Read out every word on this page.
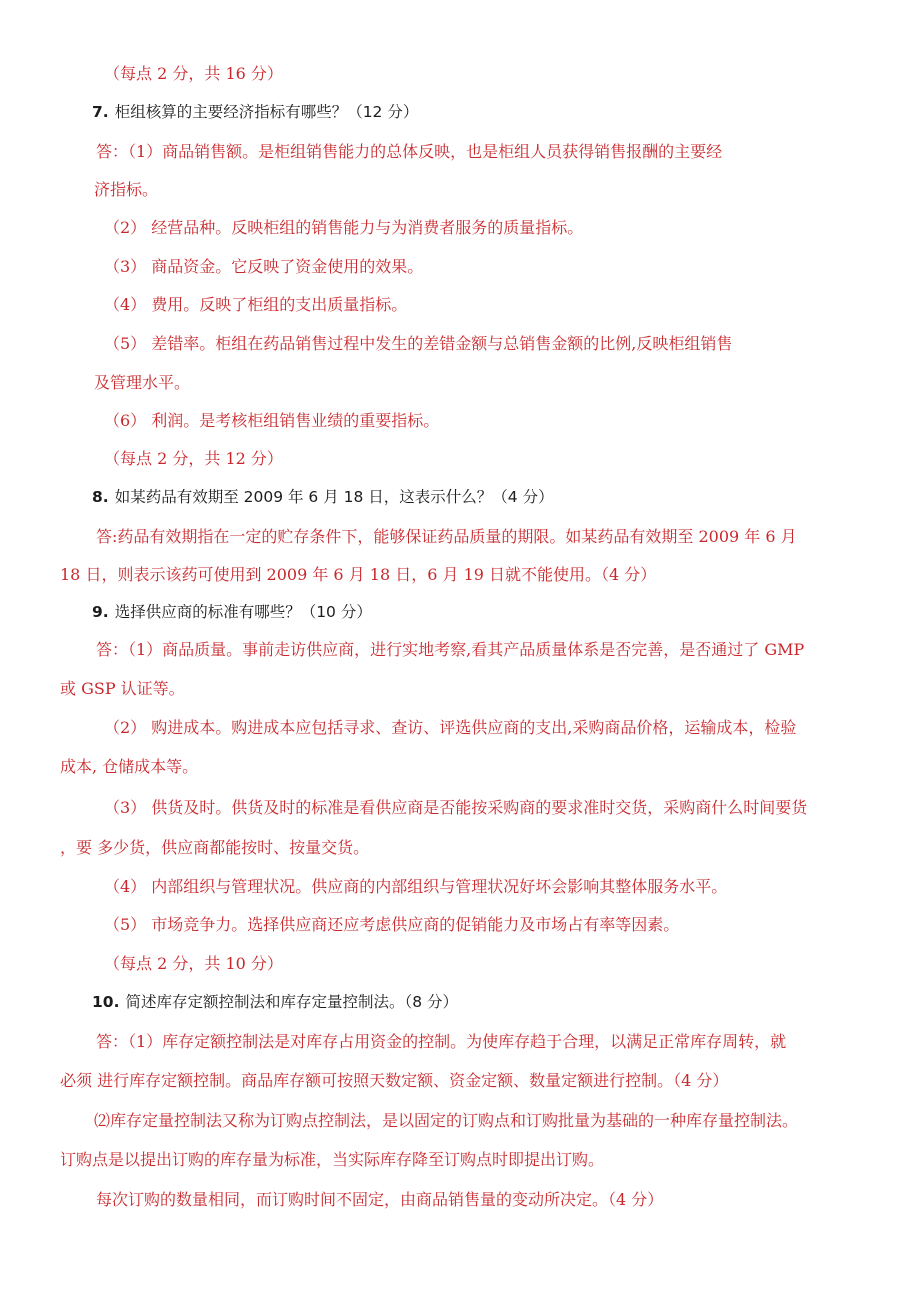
（每点 2 分，共 16 分）

7. 柜组核算的主要经济指标有哪些？（12 分）

答：（1）商品销售额。是柜组销售能力的总体反映，也是柜组人员获得销售报酬的主要经

济指标。

（2） 经营品种。反映柜组的销售能力与为消费者服务的质量指标。

（3） 商品资金。它反映了资金使用的效果。

（4） 费用。反映了柜组的支出质量指标。

（5） 差错率。柜组在药品销售过程中发生的差错金额与总销售金额的比例,反映柜组销售

及管理水平。

（6） 利润。是考核柜组销售业绩的重要指标。

（每点 2 分，共 12 分）

8. 如某药品有效期至 2009 年 6 月 18 日，这表示什么？（4 分）

答:药品有效期指在一定的贮存条件下，能够保证药品质量的期限。如某药品有效期至 2009 年 6 月

18 日，则表示该药可使用到 2009 年 6 月 18 日，6 月 19 日就不能使用。（4 分）

9. 选择供应商的标准有哪些？（10 分）

答：（1）商品质量。事前走访供应商，进行实地考察,看其产品质量体系是否完善，是否通过了 GMP

或 GSP 认证等。

（2） 购进成本。购进成本应包括寻求、查访、评选供应商的支出,采购商品价格，运输成本，检验

成本, 仓储成本等。

（3） 供货及时。供货及时的标准是看供应商是否能按采购商的要求准时交货，采购商什么时间要货

，要 多少货，供应商都能按时、按量交货。

（4） 内部组织与管理状况。供应商的内部组织与管理状况好坏会影响其整体服务水平。

（5） 市场竞争力。选择供应商还应考虑供应商的促销能力及市场占有率等因素。

（每点 2 分，共 10 分）

10. 简述库存定额控制法和库存定量控制法。（8 分）

答：（1）库存定额控制法是对库存占用资金的控制。为使库存趋于合理，以满足正常库存周转，就

必须 进行库存定额控制。商品库存额可按照天数定额、资金定额、数量定额进行控制。（4 分）

⑵库存定量控制法又称为订购点控制法，是以固定的订购点和订购批量为基础的一种库存量控制法。

订购点是以提出订购的库存量为标准，当实际库存降至订购点时即提出订购。

每次订购的数量相同，而订购时间不固定，由商品销售量的变动所决定。（4 分）
